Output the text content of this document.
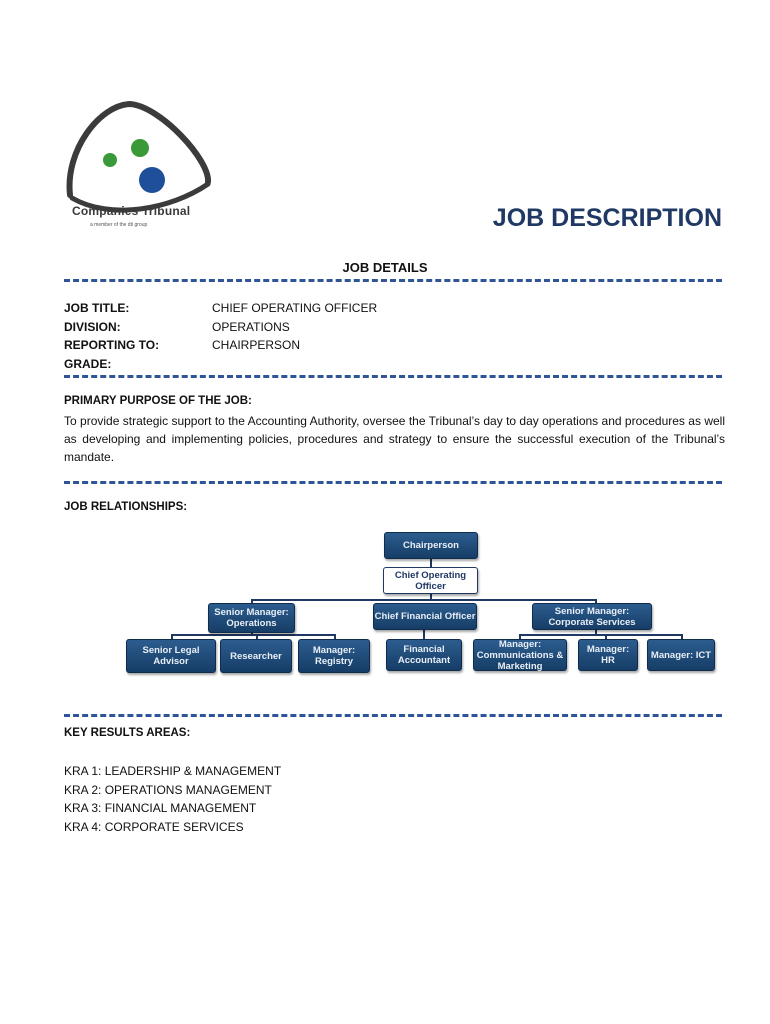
Companies Tribunal
a member of the dti group	JOB DESCRIPTION
JOB DETAILS
JOB TITLE:	CHIEF OPERATING OFFICER
DIVISION:	OPERATIONS
REPORTING TO:	CHAIRPERSON
GRADE:
PRIMARY PURPOSE OF THE JOB:
To provide strategic support to the Accounting Authority, oversee the Tribunal’s day to day operations and procedures as well as developing and implementing policies, procedures and strategy to ensure the successful execution of the Tribunal’s mandate.
JOB RELATIONSHIPS:
Chairperson
Chief Operating Officer
Senior Manager: Operations
Chief Financial Officer	Senior Manager: Corporate Services
Senior Legal Advisor	Researcher	Manager: Registry
Financial Accountant
Manager: Communications & Marketing
Manager: HR	Manager: ICT
KEY RESULTS AREAS:
KRA 1: LEADERSHIP & MANAGEMENT
KRA 2: OPERATIONS MANAGEMENT
KRA 3: FINANCIAL MANAGEMENT
KRA 4: CORPORATE SERVICES
